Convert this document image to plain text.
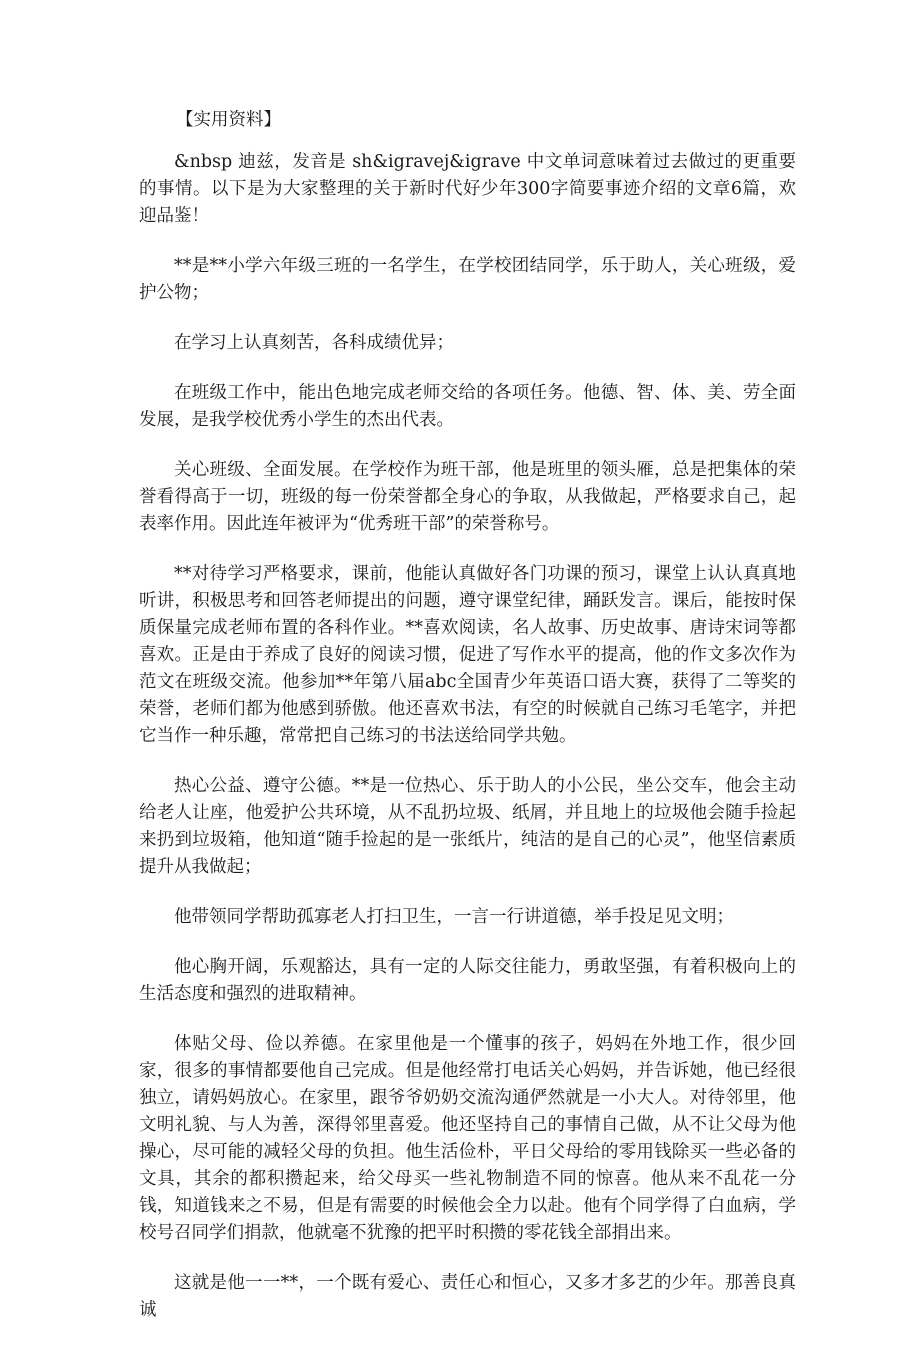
【实用资料】

&nbsp 迪兹，发音是 sh&igravej&igrave 中文单词意味着过去做过的更重要的事情。以下是为大家整理的关于新时代好少年300字简要事迹介绍的文章6篇，欢迎品鉴！

**是**小学六年级三班的一名学生，在学校团结同学，乐于助人，关心班级，爱护公物；

在学习上认真刻苦，各科成绩优异；

在班级工作中，能出色地完成老师交给的各项任务。他德、智、体、美、劳全面发展，是我学校优秀小学生的杰出代表。

关心班级、全面发展。在学校作为班干部，他是班里的领头雁，总是把集体的荣誉看得高于一切，班级的每一份荣誉都全身心的争取，从我做起，严格要求自己，起表率作用。因此连年被评为“优秀班干部”的荣誉称号。

**对待学习严格要求，课前，他能认真做好各门功课的预习，课堂上认认真真地听讲，积极思考和回答老师提出的问题，遵守课堂纪律，踊跃发言。课后，能按时保质保量完成老师布置的各科作业。**喜欢阅读，名人故事、历史故事、唐诗宋词等都喜欢。正是由于养成了良好的阅读习惯，促进了写作水平的提高，他的作文多次作为范文在班级交流。他参加**年第八届abc全国青少年英语口语大赛，获得了二等奖的荣誉，老师们都为他感到骄傲。他还喜欢书法，有空的时候就自己练习毛笔字，并把它当作一种乐趣，常常把自己练习的书法送给同学共勉。

热心公益、遵守公德。**是一位热心、乐于助人的小公民，坐公交车，他会主动给老人让座，他爱护公共环境，从不乱扔垃圾、纸屑，并且地上的垃圾他会随手捡起来扔到垃圾箱，他知道“随手捡起的是一张纸片，纯洁的是自己的心灵”，他坚信素质提升从我做起；

他带领同学帮助孤寡老人打扫卫生，一言一行讲道德，举手投足见文明；

他心胸开阔，乐观豁达，具有一定的人际交往能力，勇敢坚强，有着积极向上的生活态度和强烈的进取精神。

体贴父母、俭以养德。在家里他是一个懂事的孩子，妈妈在外地工作，很少回家，很多的事情都要他自己完成。但是他经常打电话关心妈妈，并告诉她，他已经很独立，请妈妈放心。在家里，跟爷爷奶奶交流沟通俨然就是一小大人。对待邻里，他文明礼貌、与人为善，深得邻里喜爱。他还坚持自己的事情自己做，从不让父母为他操心，尽可能的减轻父母的负担。他生活俭朴，平日父母给的零用钱除买一些必备的文具，其余的都积攒起来，给父母买一些礼物制造不同的惊喜。他从来不乱花一分钱，知道钱来之不易，但是有需要的时候他会全力以赴。他有个同学得了白血病，学校号召同学们捐款，他就毫不犹豫的把平时积攒的零花钱全部捐出来。

这就是他一一**，一个既有爱心、责任心和恒心，又多才多艺的少年。那善良真诚
